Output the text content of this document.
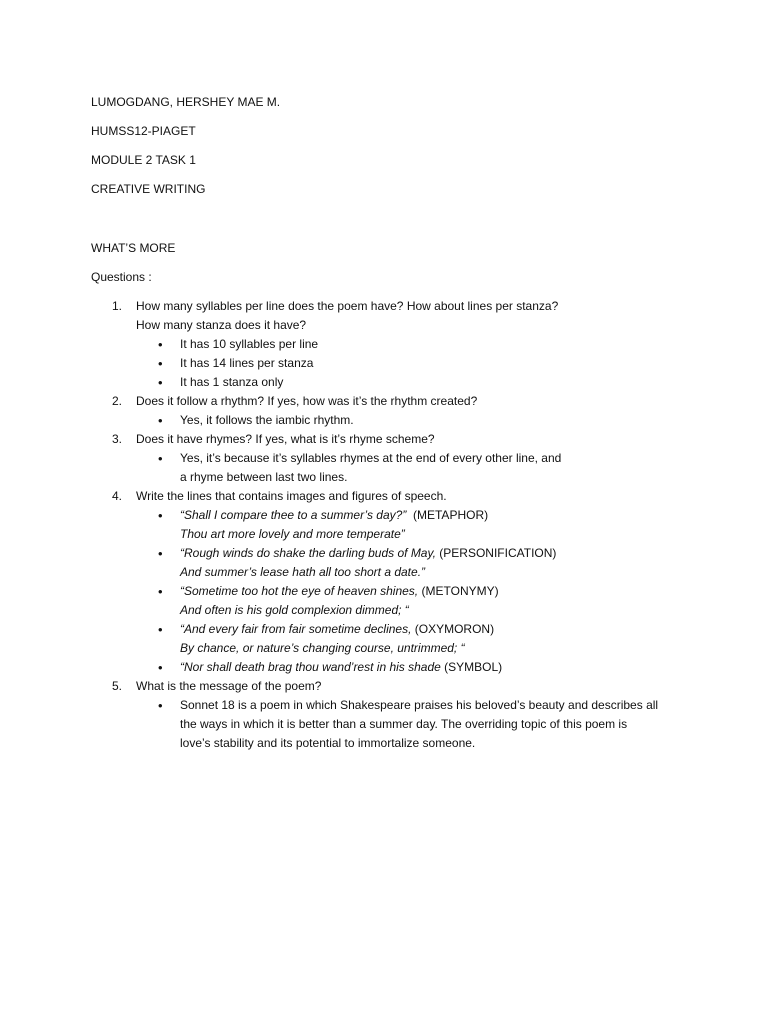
LUMOGDANG, HERSHEY MAE M.

HUMSS12-PIAGET

MODULE 2 TASK 1

CREATIVE WRITING

WHAT’S MORE

Questions :

1.	How many syllables per line does the poem have? How about lines per stanza?
How many stanza does it have?
• It has 10 syllables per line
• It has 14 lines per stanza
• It has 1 stanza only
2.	Does it follow a rhythm? If yes, how was it’s the rhythm created?
• Yes, it follows the iambic rhythm.
3.	Does it have rhymes? If yes, what is it’s rhyme scheme?
• Yes, it’s because it’s syllables rhymes at the end of every other line, and
a rhyme between last two lines.
4.	Write the lines that contains images and figures of speech.
• “Shall I compare thee to a summer’s day?” (METAPHOR)
Thou art more lovely and more temperate”
• “Rough winds do shake the darling buds of May, (PERSONIFICATION)
And summer’s lease hath all too short a date.”
• “Sometime too hot the eye of heaven shines, (METONYMY)
And often is his gold complexion dimmed; “
• “And every fair from fair sometime declines, (OXYMORON)
By chance, or nature’s changing course, untrimmed; “
• “Nor shall death brag thou wand’rest in his shade (SYMBOL)
5.	What is the message of the poem?
• Sonnet 18 is a poem in which Shakespeare praises his beloved’s beauty and describes all
the ways in which it is better than a summer day. The overriding topic of this poem is
love’s stability and its potential to immortalize someone.
